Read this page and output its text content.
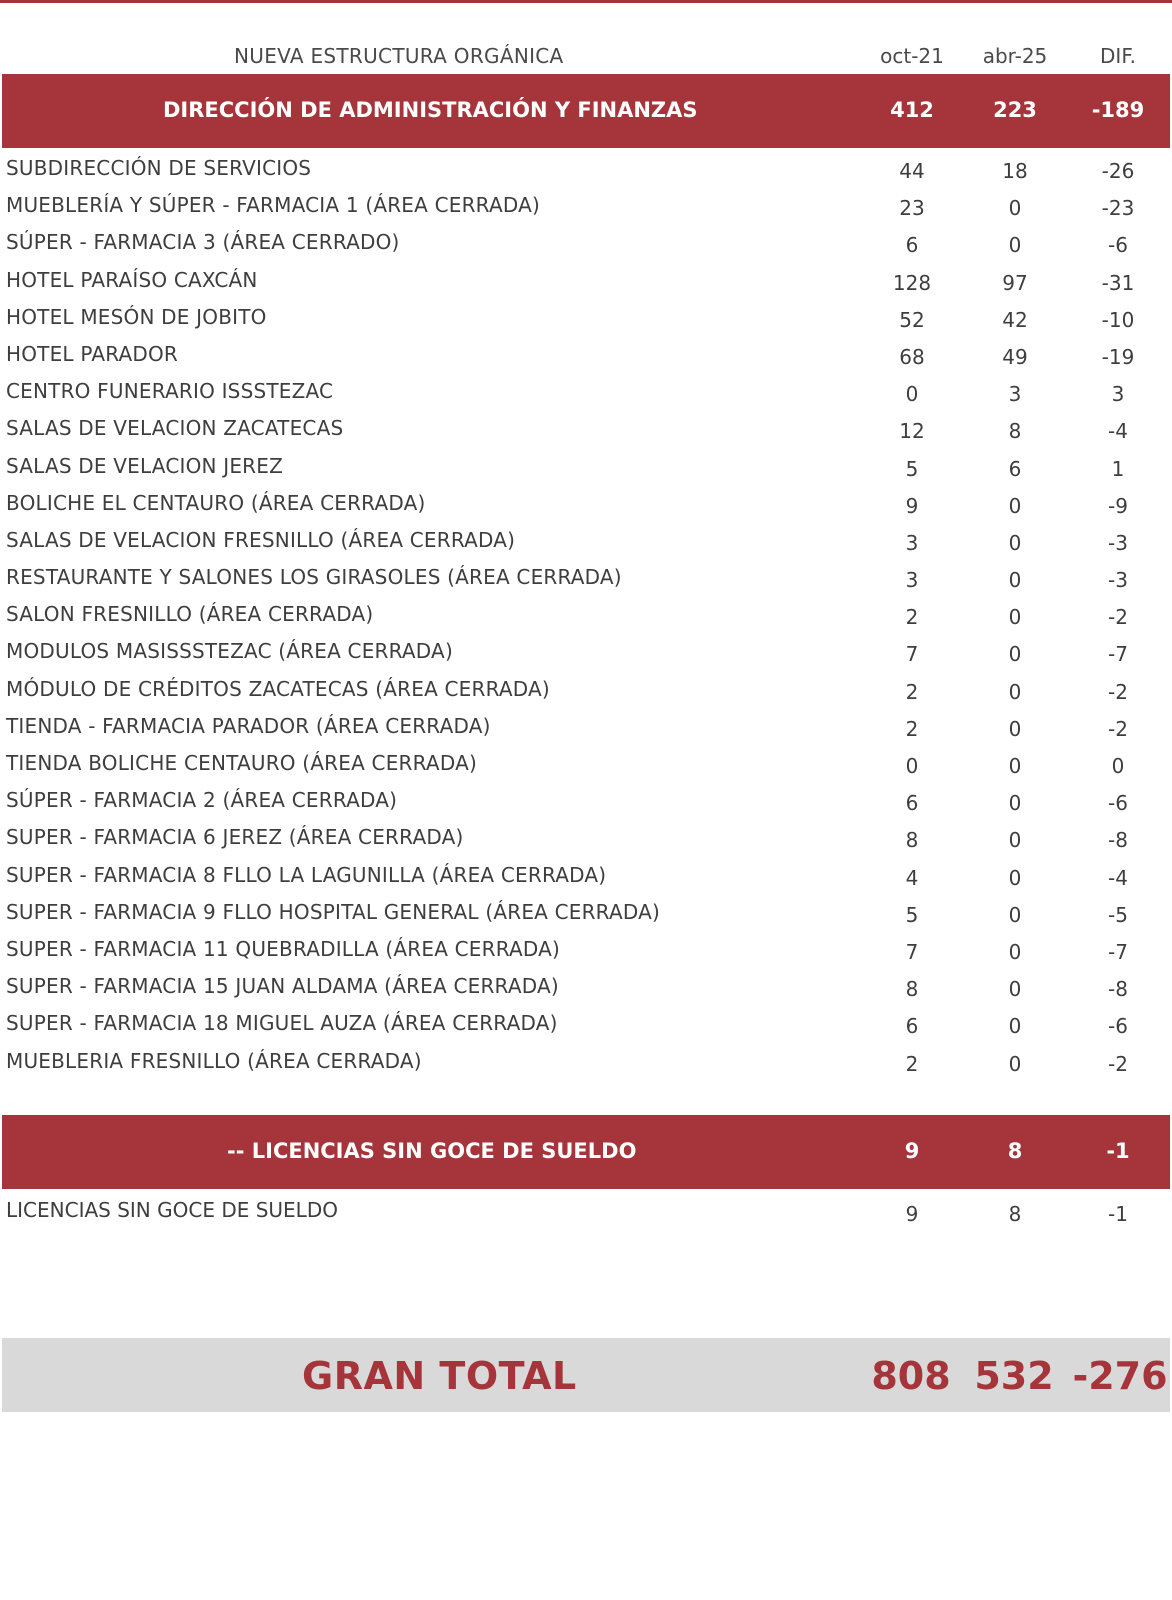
NUEVA ESTRUCTURA ORGÁNICA	oct-21	abr-25	DIF.
DIRECCIÓN DE ADMINISTRACIÓN Y FINANZAS	412	223	-189
SUBDIRECCIÓN DE SERVICIOS	44	18	-26
MUEBLERÍA Y SÚPER - FARMACIA 1 (ÁREA CERRADA)	23	0	-23
SÚPER - FARMACIA 3 (ÁREA CERRADO)	6	0	-6
HOTEL PARAÍSO CAXCÁN	128	97	-31
HOTEL MESÓN DE JOBITO	52	42	-10
HOTEL PARADOR	68	49	-19
CENTRO FUNERARIO ISSSTEZAC	0	3	3
SALAS DE VELACION ZACATECAS	12	8	-4
SALAS DE VELACION JEREZ	5	6	1
BOLICHE EL CENTAURO (ÁREA CERRADA)	9	0	-9
SALAS DE VELACION FRESNILLO (ÁREA CERRADA)	3	0	-3
RESTAURANTE Y SALONES LOS GIRASOLES (ÁREA CERRADA)	3	0	-3
SALON FRESNILLO (ÁREA CERRADA)	2	0	-2
MODULOS MASISSSTEZAC (ÁREA CERRADA)	7	0	-7
MÓDULO DE CRÉDITOS ZACATECAS (ÁREA CERRADA)	2	0	-2
TIENDA - FARMACIA PARADOR (ÁREA CERRADA)	2	0	-2
TIENDA BOLICHE CENTAURO (ÁREA CERRADA)	0	0	0
SÚPER - FARMACIA 2 (ÁREA CERRADA)	6	0	-6
SUPER - FARMACIA 6 JEREZ (ÁREA CERRADA)	8	0	-8
SUPER - FARMACIA 8 FLLO LA LAGUNILLA (ÁREA CERRADA)	4	0	-4
SUPER - FARMACIA 9 FLLO HOSPITAL GENERAL (ÁREA CERRADA)	5	0	-5
SUPER - FARMACIA 11 QUEBRADILLA (ÁREA CERRADA)	7	0	-7
SUPER - FARMACIA 15 JUAN ALDAMA (ÁREA CERRADA)	8	0	-8
SUPER - FARMACIA 18 MIGUEL AUZA (ÁREA CERRADA)	6	0	-6
MUEBLERIA FRESNILLO (ÁREA CERRADA)	2	0	-2
-- LICENCIAS SIN GOCE DE SUELDO	9	8	-1
LICENCIAS SIN GOCE DE SUELDO	9	8	-1
GRAN TOTAL	808 532 -276
